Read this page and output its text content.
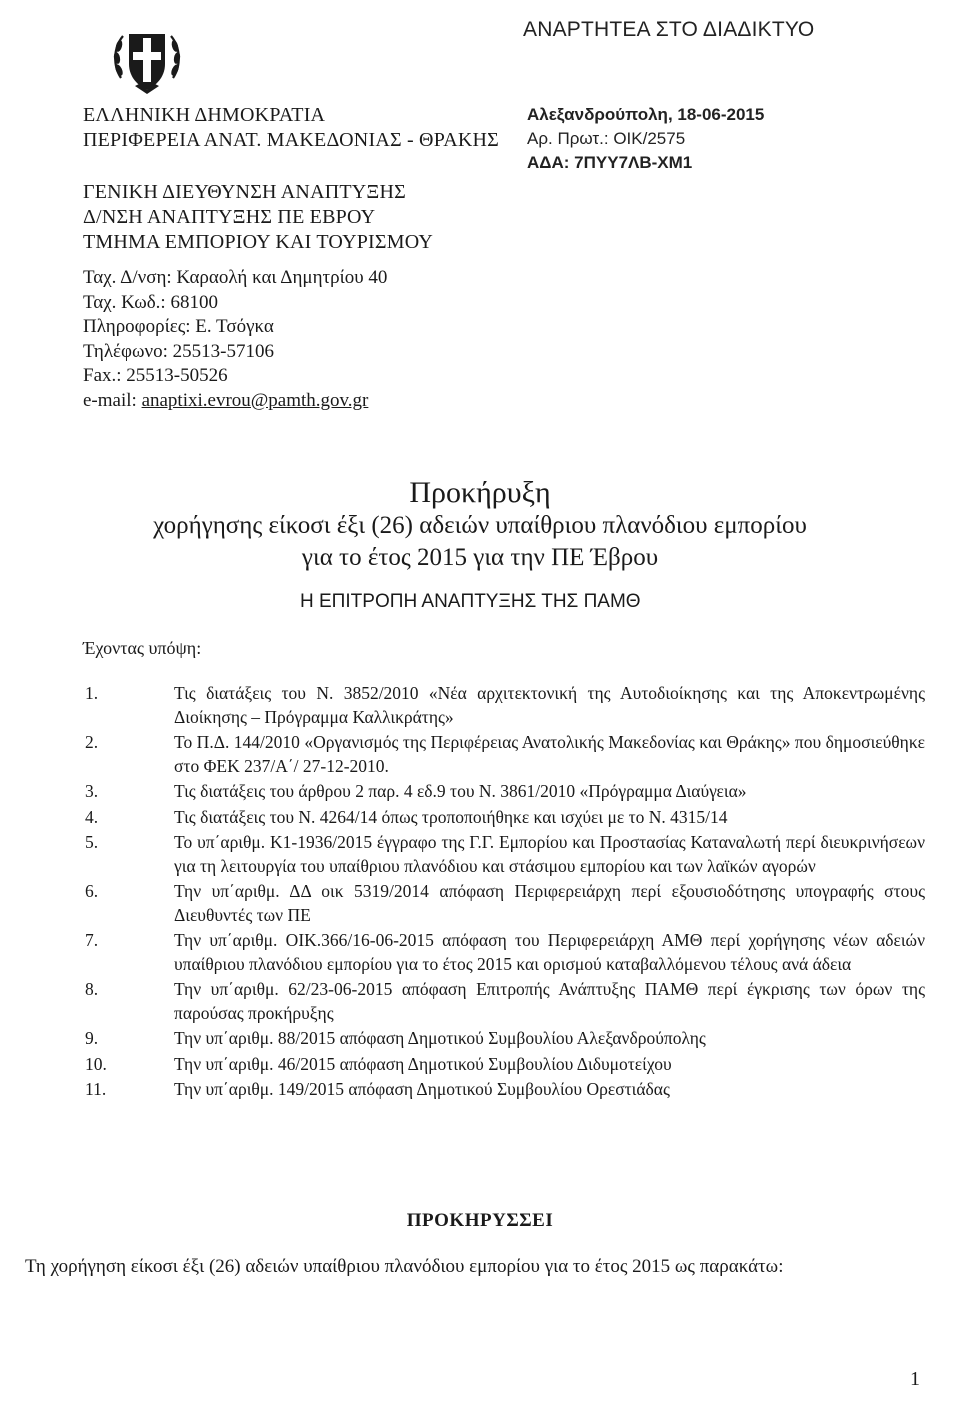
ΑΝΑΡΤΗΤΕΑ ΣΤΟ ΔΙΑΔΙΚΤΥΟ
ΕΛΛΗΝΙΚΗ ΔΗΜΟΚΡΑΤΙΑ
ΠΕΡΙΦΕΡΕΙΑ ΑΝΑΤ. ΜΑΚΕΔΟΝΙΑΣ - ΘΡΑΚΗΣ
ΓΕΝΙΚΗ ΔΙΕΥΘΥΝΣΗ ΑΝΑΠΤΥΞΗΣ
Δ/ΝΣΗ ΑΝΑΠΤΥΞΗΣ ΠΕ ΕΒΡΟΥ
ΤΜΗΜΑ ΕΜΠΟΡΙΟΥ ΚΑΙ ΤΟΥΡΙΣΜΟΥ
Ταχ. Δ/νση: Καραολή και Δημητρίου 40
Ταχ. Κωδ.: 68100
Πληροφορίες: Ε. Τσόγκα
Τηλέφωνο: 25513-57106
Fax.: 25513-50526
e-mail: anaptixi.evrou@pamth.gov.gr
Αλεξανδρούπολη, 18-06-2015
Αρ. Πρωτ.: ΟΙΚ/2575
ΑΔΑ: 7ΠΥΥ7ΛΒ-ΧΜ1
Προκήρυξη
χορήγησης είκοσι έξι (26) αδειών υπαίθριου πλανόδιου εμπορίου
για το έτος 2015 για την ΠΕ Έβρου
Η ΕΠΙΤΡΟΠΗ ΑΝΑΠΤΥΞΗΣ ΤΗΣ ΠΑΜΘ
Έχοντας υπόψη:
1.	Τις διατάξεις του Ν. 3852/2010 «Νέα αρχιτεκτονική της Αυτοδιοίκησης και της Αποκεντρωμένης Διοίκησης – Πρόγραμμα Καλλικράτης»
2.	Το Π.Δ. 144/2010 «Οργανισμός της Περιφέρειας Ανατολικής Μακεδονίας και Θράκης» που δημοσιεύθηκε στο ΦΕΚ 237/Α΄/ 27-12-2010.
3.	Τις διατάξεις του άρθρου 2 παρ. 4 εδ.9 του Ν. 3861/2010 «Πρόγραμμα Διαύγεια»
4.	Τις διατάξεις του Ν. 4264/14 όπως τροποποιήθηκε και ισχύει με το Ν. 4315/14
5.	Το υπ΄αριθμ. Κ1-1936/2015 έγγραφο της Γ.Γ. Εμπορίου και Προστασίας Καταναλωτή περί διευκρινήσεων για τη λειτουργία του υπαίθριου πλανόδιου και στάσιμου εμπορίου και των λαϊκών αγορών
6.	Την υπ΄αριθμ. ΔΔ οικ 5319/2014 απόφαση Περιφερειάρχη περί εξουσιοδότησης υπογραφής στους Διευθυντές των ΠΕ
7.	Την υπ΄αριθμ. ΟΙΚ.366/16-06-2015 απόφαση του Περιφερειάρχη ΑΜΘ περί χορήγησης νέων αδειών υπαίθριου πλανόδιου εμπορίου για το έτος 2015 και ορισμού καταβαλλόμενου τέλους ανά άδεια
8.	Την υπ΄αριθμ. 62/23-06-2015 απόφαση Επιτροπής Ανάπτυξης ΠΑΜΘ περί έγκρισης των όρων της παρούσας προκήρυξης
9.	Την υπ΄αριθμ. 88/2015 απόφαση Δημοτικού Συμβουλίου Αλεξανδρούπολης
10.	Την υπ΄αριθμ. 46/2015 απόφαση Δημοτικού Συμβουλίου Διδυμοτείχου
11.	Την υπ΄αριθμ. 149/2015 απόφαση Δημοτικού Συμβουλίου Ορεστιάδας
ΠΡΟΚΗΡΥΣΣΕΙ
Τη χορήγηση είκοσι έξι (26) αδειών υπαίθριου πλανόδιου εμπορίου για το έτος 2015 ως παρακάτω:
1
